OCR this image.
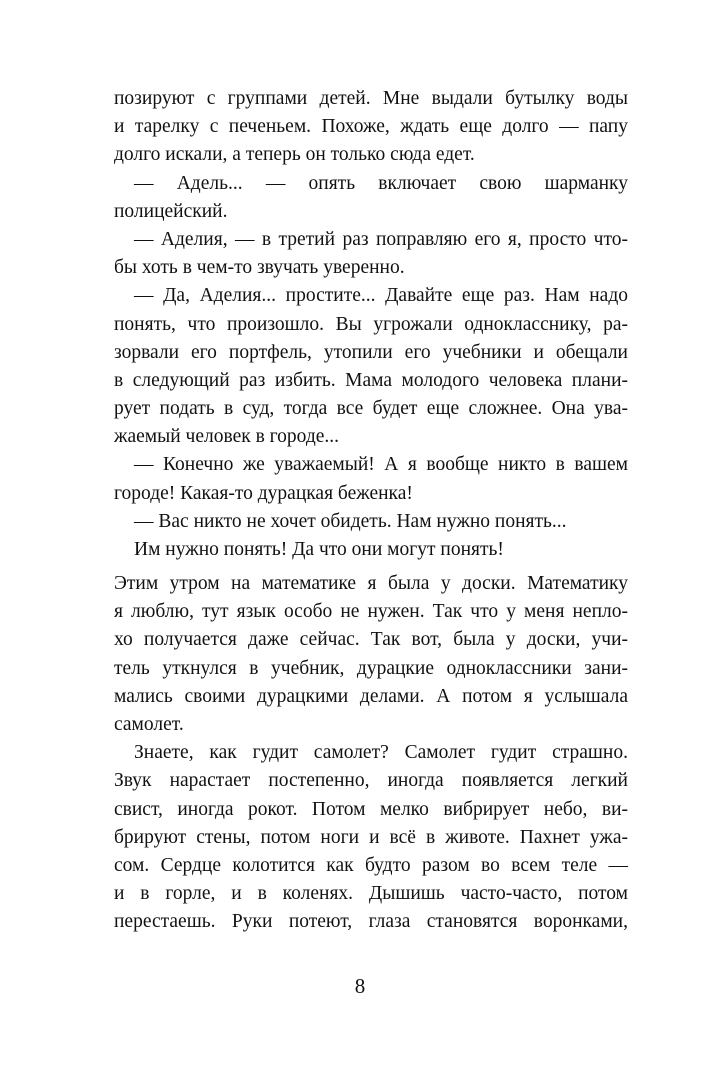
позируют с группами детей. Мне выдали бутылку воды
и тарелку с печеньем. Похоже, ждать еще долго — папу
долго искали, а теперь он только сюда едет.
— Адель... — опять включает свою шарманку
полицейский.
— Аделия, — в третий раз поправляю его я, просто что-
бы хоть в чем-то звучать уверенно.
— Да, Аделия... простите... Давайте еще раз. Нам надо
понять, что произошло. Вы угрожали однокласснику, ра-
зорвали его портфель, утопили его учебники и обещали
в следующий раз избить. Мама молодого человека плани-
рует подать в суд, тогда все будет еще сложнее. Она ува-
жаемый человек в городе...
— Конечно же уважаемый! А я вообще никто в вашем
городе! Какая-то дурацкая беженка!
— Вас никто не хочет обидеть. Нам нужно понять...
Им нужно понять! Да что они могут понять!
Этим утром на математике я была у доски. Математику
я люблю, тут язык особо не нужен. Так что у меня непло-
хо получается даже сейчас. Так вот, была у доски, учи-
тель уткнулся в учебник, дурацкие одноклассники зани-
мались своими дурацкими делами. А потом я услышала
самолет.
Знаете, как гудит самолет? Самолет гудит страшно.
Звук нарастает постепенно, иногда появляется легкий
свист, иногда рокот. Потом мелко вибрирует небо, ви-
брируют стены, потом ноги и всё в животе. Пахнет ужа-
сом. Сердце колотится как будто разом во всем теле —
и в горле, и в коленях. Дышишь часто-часто, потом
перестаешь. Руки потеют, глаза становятся воронками,
8
